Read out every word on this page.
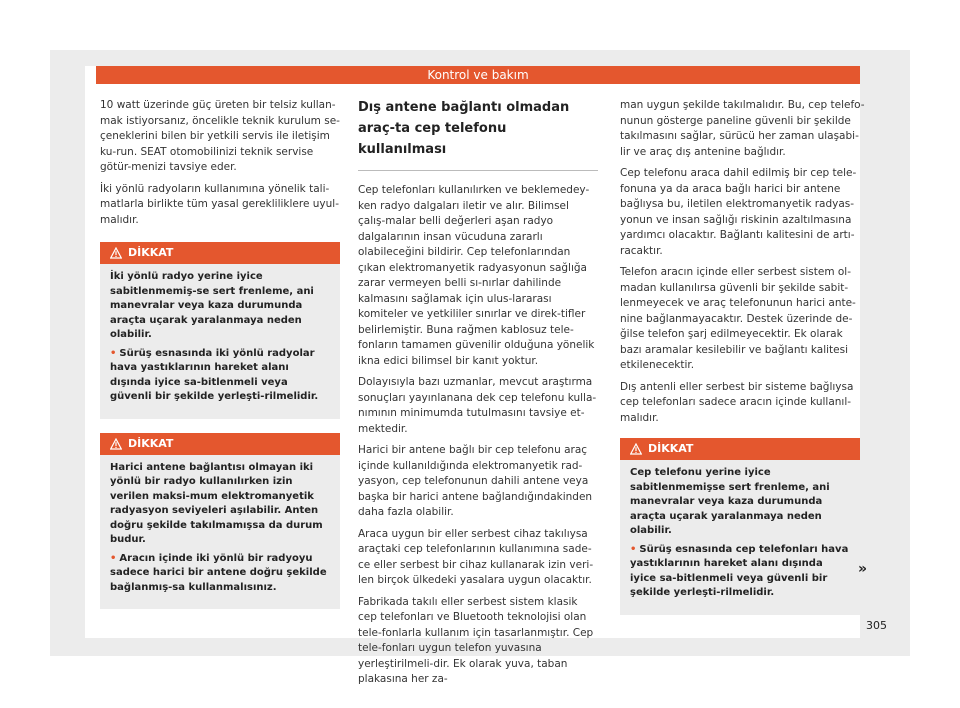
Kontrol ve bakım

10 watt üzerinde güç üreten bir telsiz kullan-mak istiyorsanız, öncelikle teknik kurulum se-çeneklerini bilen bir yetkili servis ile iletişim ku-run. SEAT otomobilinizi teknik servise götür-menizi tavsiye eder.

İki yönlü radyoların kullanımına yönelik tali-matlarla birlikte tüm yasal gerekliliklere uyul-malıdır.

DİKKAT

İki yönlü radyo yerine iyice sabitlenmemiş-se sert frenleme, ani manevralar veya kaza durumunda araçta uçarak yaralanmaya neden olabilir.

• Sürüş esnasında iki yönlü radyolar hava yastıklarının hareket alanı dışında iyice sa-bitlenmeli veya güvenli bir şekilde yerleşti-rilmelidir.

DİKKAT

Harici antene bağlantısı olmayan iki yönlü bir radyo kullanılırken izin verilen maksi-mum elektromanyetik radyasyon seviyeleri aşılabilir. Anten doğru şekilde takılmamışsa da durum budur.

• Aracın içinde iki yönlü bir radyoyu sadece harici bir antene doğru şekilde bağlanmış-sa kullanmalısınız.

Dış antene bağlantı olmadan araç-ta cep telefonu kullanılması

Cep telefonları kullanılırken ve beklemedey-ken radyo dalgaları iletir ve alır. Bilimsel çalış-malar belli değerleri aşan radyo dalgalarının insan vücuduna zararlı olabileceğini bildirir. Cep telefonlarından çıkan elektromanyetik radyasyonun sağlığa zarar vermeyen belli sı-nırlar dahilinde kalmasını sağlamak için ulus-lararası komiteler ve yetkililer sınırlar ve direk-tifler belirlemiştir. Buna rağmen kablosuz tele-fonların tamamen güvenilir olduğuna yönelik ikna edici bilimsel bir kanıt yoktur.

Dolayısıyla bazı uzmanlar, mevcut araştırma sonuçları yayınlanana dek cep telefonu kulla-nımının minimumda tutulmasını tavsiye et-mektedir.

Harici bir antene bağlı bir cep telefonu araç içinde kullanıldığında elektromanyetik rad-yasyon, cep telefonunun dahili antene veya başka bir harici antene bağlandığındakinden daha fazla olabilir.

Araca uygun bir eller serbest cihaz takılıysa araçtaki cep telefonlarının kullanımına sade-ce eller serbest bir cihaz kullanarak izin veri-len birçok ülkedeki yasalara uygun olacaktır.

Fabrikada takılı eller serbest sistem klasik cep telefonları ve Bluetooth teknolojisi olan tele-fonlarla kullanım için tasarlanmıştır. Cep tele-fonları uygun telefon yuvasına yerleştirilmeli-dir. Ek olarak yuva, taban plakasına her za-

man uygun şekilde takılmalıdır. Bu, cep telefo-nunun gösterge paneline güvenli bir şekilde takılmasını sağlar, sürücü her zaman ulaşabi-lir ve araç dış antenine bağlıdır.

Cep telefonu araca dahil edilmiş bir cep tele-fonuna ya da araca bağlı harici bir antene bağlıysa bu, iletilen elektromanyetik radyas-yonun ve insan sağlığı riskinin azaltılmasına yardımcı olacaktır. Bağlantı kalitesini de artı-racaktır.

Telefon aracın içinde eller serbest sistem ol-madan kullanılırsa güvenli bir şekilde sabit-lenmeyecek ve araç telefonunun harici ante-nine bağlanmayacaktır. Destek üzerinde de-ğilse telefon şarj edilmeyecektir. Ek olarak bazı aramalar kesilebilir ve bağlantı kalitesi etkilenecektir.

Dış antenli eller serbest bir sisteme bağlıysa cep telefonları sadece aracın içinde kullanıl-malıdır.

DİKKAT

Cep telefonu yerine iyice sabitlenmemişse sert frenleme, ani manevralar veya kaza durumunda araçta uçarak yaralanmaya neden olabilir.

• Sürüş esnasında cep telefonları hava yastıklarının hareket alanı dışında iyice sa-bitlenmeli veya güvenli bir şekilde yerleşti-rilmelidir.

»
305
